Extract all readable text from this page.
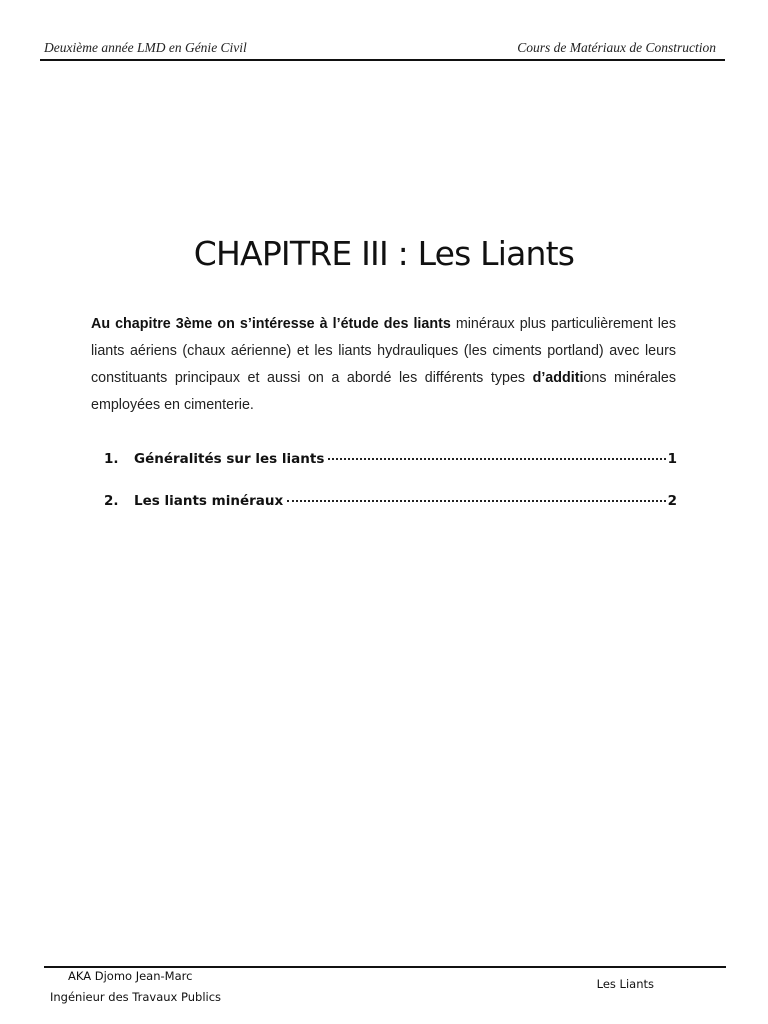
Deuxième année LMD en Génie Civil	Cours de Matériaux de Construction
CHAPITRE III : Les Liants

Au chapitre 3ème on s’intéresse à l’étude des liants minéraux plus particulièrement les liants aériens (chaux aérienne) et les liants hydrauliques (les ciments portland) avec leurs constituants principaux et aussi on a abordé les différents types d’additions minérales employées en cimenterie.

1.	Généralités sur les liants	1
2.	Les liants minéraux	2
AKA Djomo Jean-Marc
Ingénieur des Travaux Publics
Les Liants
